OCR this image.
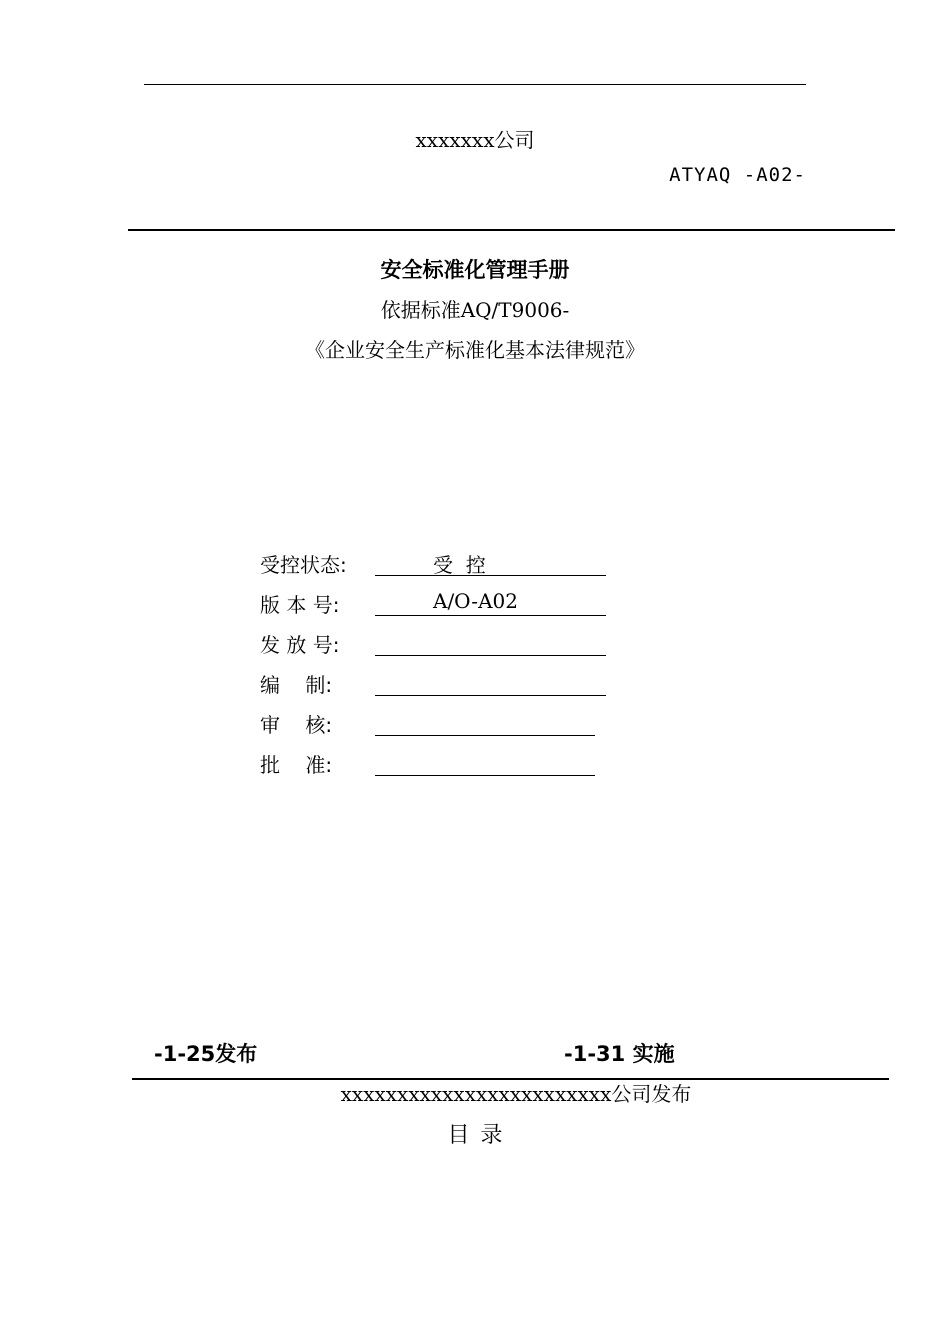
xxxxxxx公司
ATYAQ -A02-
安全标准化管理手册
依据标准AQ/T9006-
《企业安全生产标准化基本法律规范》
受控状态:	受  控
版 本 号:	A/O-A02
发 放 号:
编    制:
审    核:
批    准:
-1-25发布	-1-31 实施
xxxxxxxxxxxxxxxxxxxxxxxx公司发布
目 录
